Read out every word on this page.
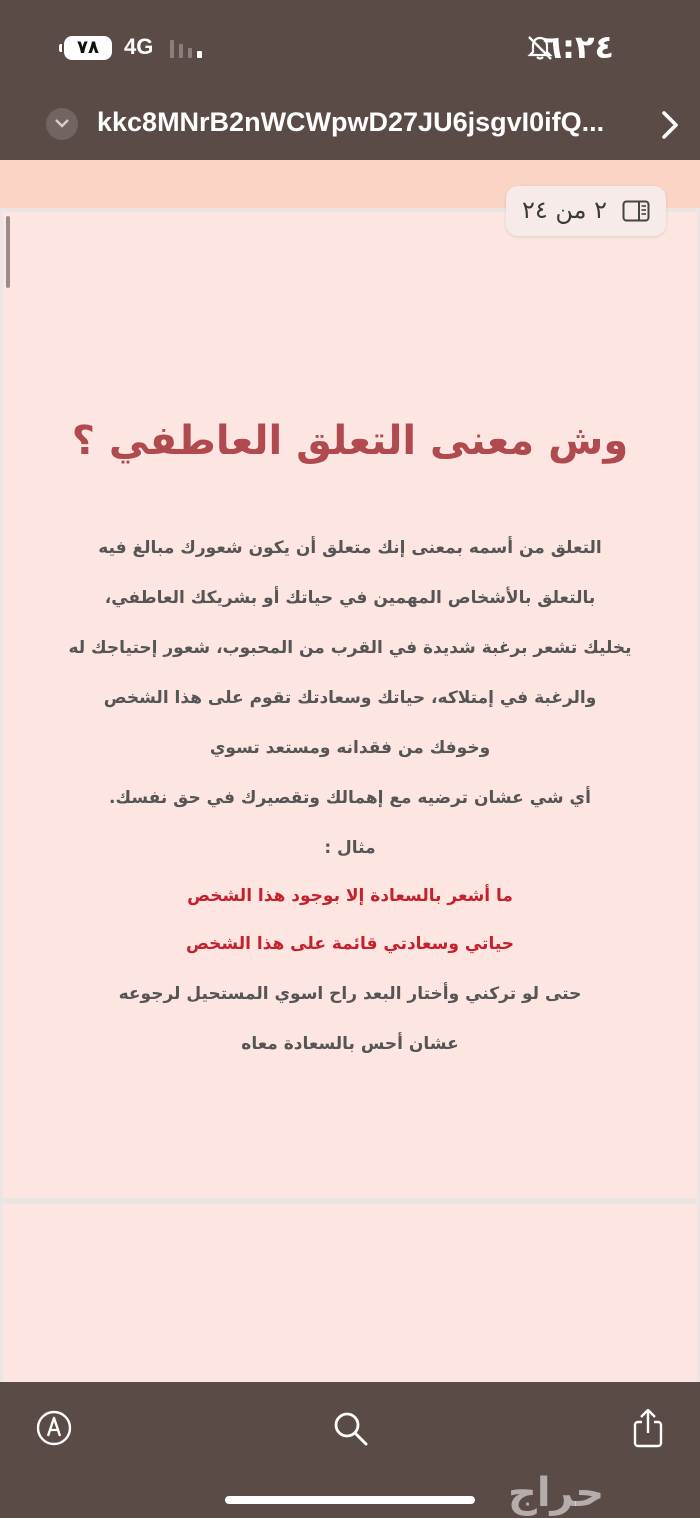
٧٨	4G	٦:٢٤
kkc8MNrB2nWCWpwD27JU6jsgvI0ifQ...
وش معنى التعلق العاطفي ؟
التعلق من أسمه بمعنى إنك متعلق أن يكون شعورك مبالغ فيه
بالتعلق بالأشخاص المهمين في حياتك أو بشريكك العاطفي،
يخليك تشعر برغبة شديدة في القرب من المحبوب، شعور إحتياجك له
والرغبة في إمتلاكه، حياتك وسعادتك تقوم على هذا الشخص
وخوفك من فقدانه ومستعد تسوي
أي شي عشان ترضيه مع إهمالك وتقصيرك في حق نفسك.
مثال :
ما أشعر بالسعادة إلا بوجود هذا الشخص
حياتي وسعادتي قائمة على هذا الشخص
حتى لو تركني وأختار البعد راح اسوي المستحيل لرجوعه
عشان أحس بالسعادة معاه
٢ من ٢٤
حراج
